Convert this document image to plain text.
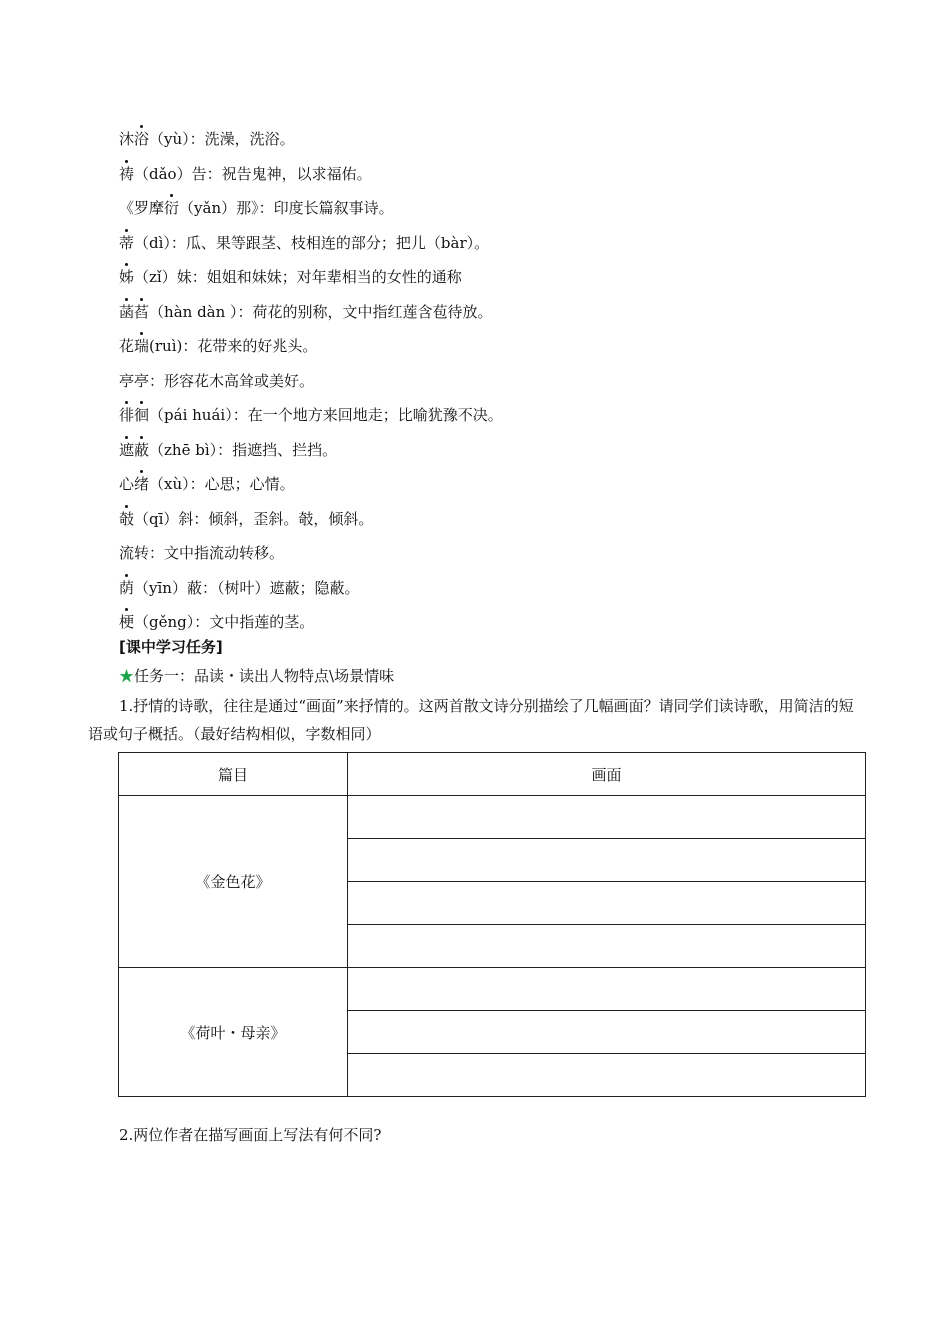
沐浴（yù）：洗澡，洗浴。
祷（dǎo）告：祝告鬼神，以求福佑。
《罗摩衍（yǎn）那》：印度长篇叙事诗。
蒂（dì）：瓜、果等跟茎、枝相连的部分；把儿（bàr）。
姊（zǐ）妹：姐姐和妹妹；对年辈相当的女性的通称
菡萏（hàn dàn ）：荷花的别称，文中指红莲含苞待放。
花瑞(ruì)：花带来的好兆头。
亭亭：形容花木高耸或美好。
徘徊（pái huái）：在一个地方来回地走；比喻犹豫不决。
遮蔽（zhē bì）：指遮挡、拦挡。
心绪（xù）：心思；心情。
攲（qī）斜：倾斜，歪斜。攲，倾斜。
流转：文中指流动转移。
荫（yīn）蔽：（树叶）遮蔽；隐蔽。
梗（gěng）：文中指莲的茎。
[课中学习任务]
★任务一：品读・读出人物特点\场景情味
1.抒情的诗歌，往往是通过“画面”来抒情的。这两首散文诗分别描绘了几幅画面？请同学们读诗歌，用简洁的短语或句子概括。（最好结构相似，字数相同）
篇目	画面
《金色花》	

《荷叶・母亲》	

2.两位作者在描写画面上写法有何不同?
